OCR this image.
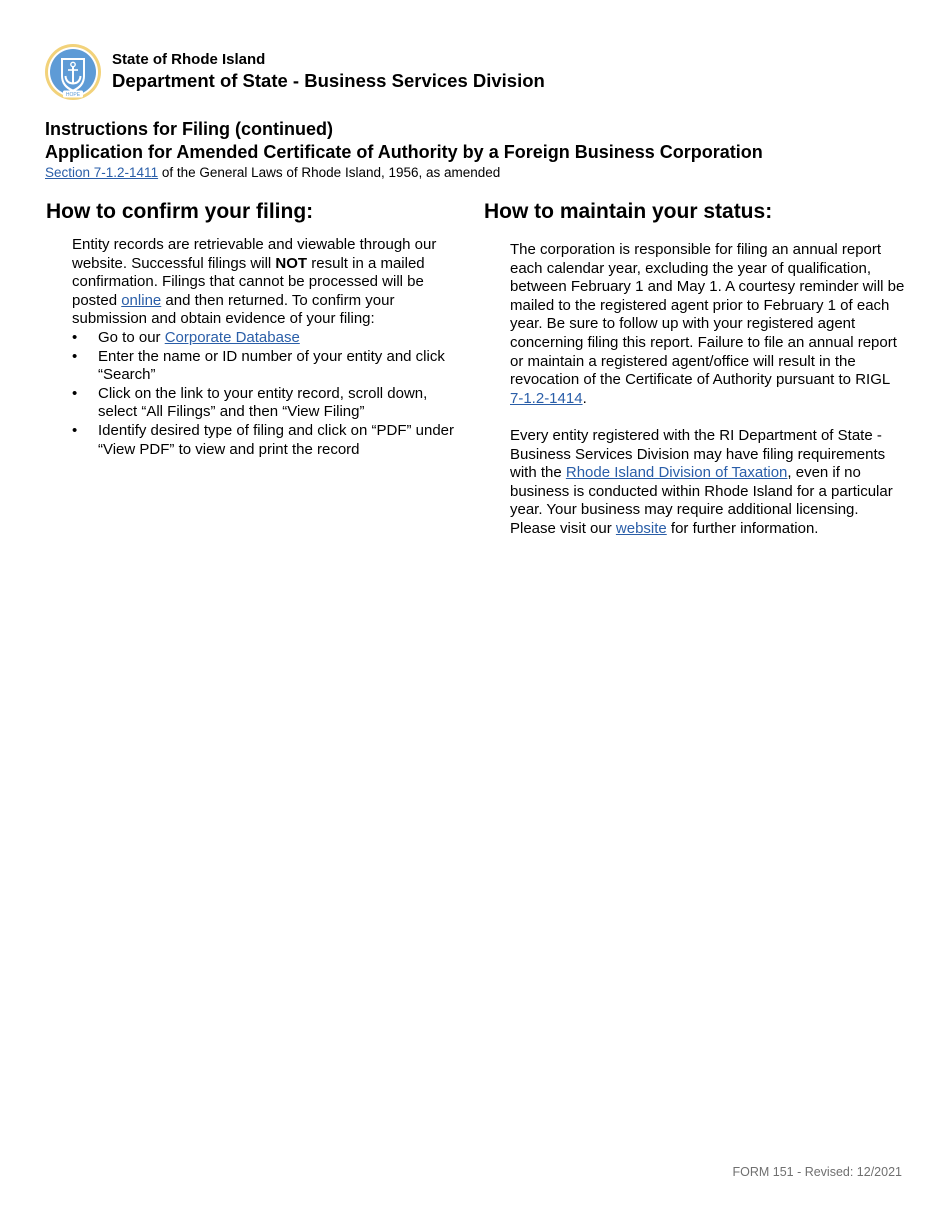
HOPE
State of Rhode Island
Department of State - Business Services Division
Instructions for Filing (continued)
Application for Amended Certificate of Authority by a Foreign Business Corporation
Section 7-1.2-1411 of the General Laws of Rhode Island, 1956, as amended
How to confirm your filing:
Entity records are retrievable and viewable through our website. Successful filings will NOT result in a mailed confirmation. Filings that cannot be processed will be posted online and then returned. To confirm your submission and obtain evidence of your filing:
• Go to our Corporate Database
• Enter the name or ID number of your entity and click “Search”
• Click on the link to your entity record, scroll down, select “All Filings” and then “View Filing”
• Identify desired type of filing and click on “PDF” under “View PDF” to view and print the record
How to maintain your status:
The corporation is responsible for filing an annual report each calendar year, excluding the year of qualification, between February 1 and May 1. A courtesy reminder will be mailed to the registered agent prior to February 1 of each year. Be sure to follow up with your registered agent concerning filing this report. Failure to file an annual report or maintain a registered agent/office will result in the revocation of the Certificate of Authority pursuant to RIGL 7-1.2-1414.
Every entity registered with the RI Department of State - Business Services Division may have filing requirements with the Rhode Island Division of Taxation, even if no business is conducted within Rhode Island for a particular year. Your business may require additional licensing. Please visit our website for further information.
FORM 151 - Revised: 12/2021
